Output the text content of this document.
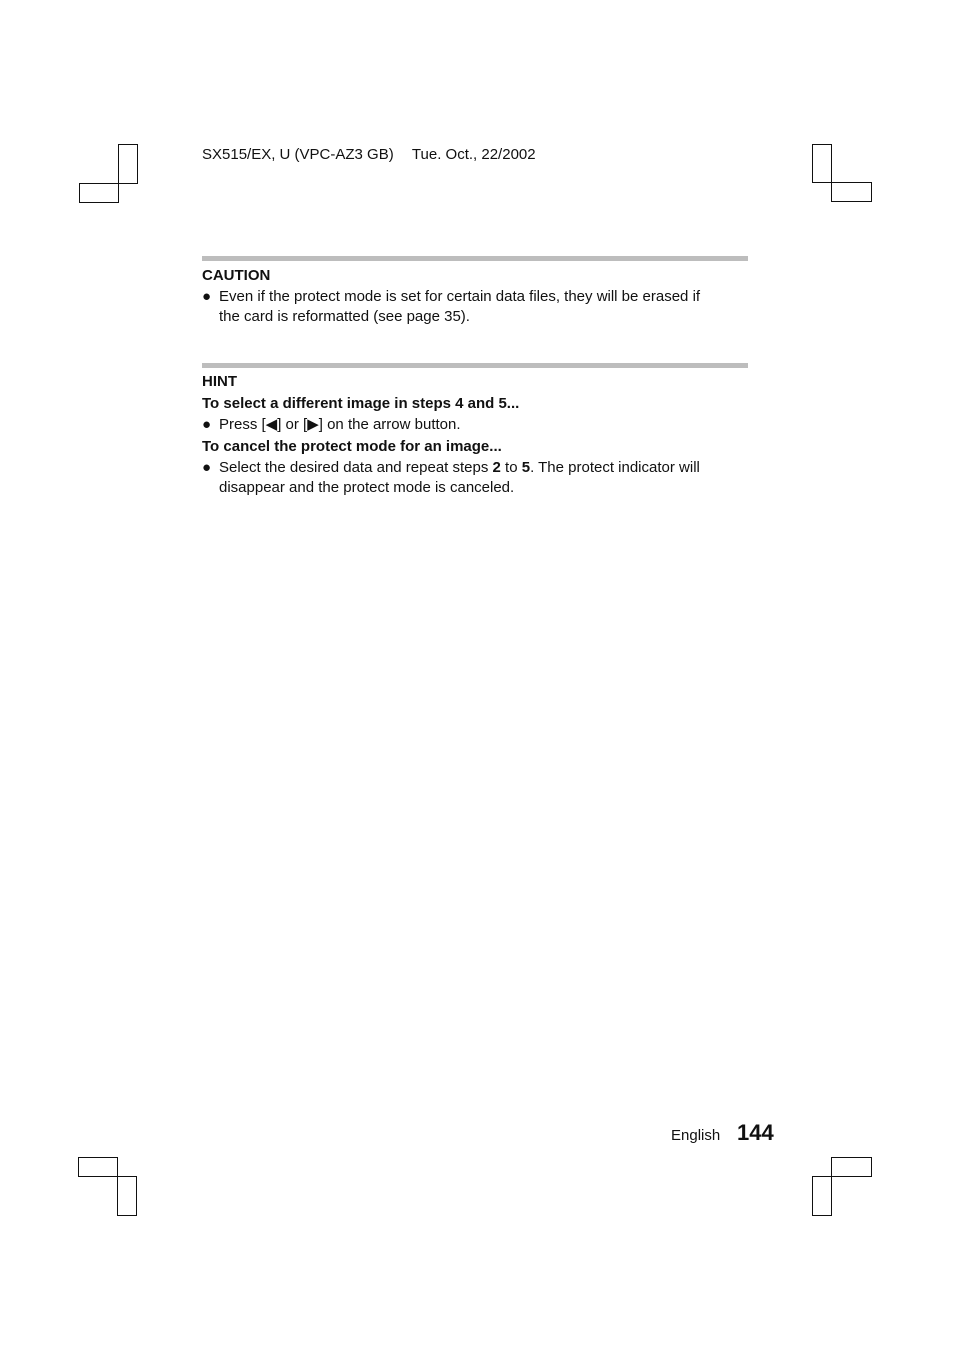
SX515/EX, U (VPC-AZ3 GB) Tue. Oct., 22/2002
CAUTION
● Even if the protect mode is set for certain data files, they will be erased if
the card is reformatted (see page 35).
HINT
To select a different image in steps 4 and 5...
● Press [◀] or [▶] on the arrow button.
To cancel the protect mode for an image...
● Select the desired data and repeat steps 2 to 5. The protect indicator will
disappear and the protect mode is canceled.
English 144
